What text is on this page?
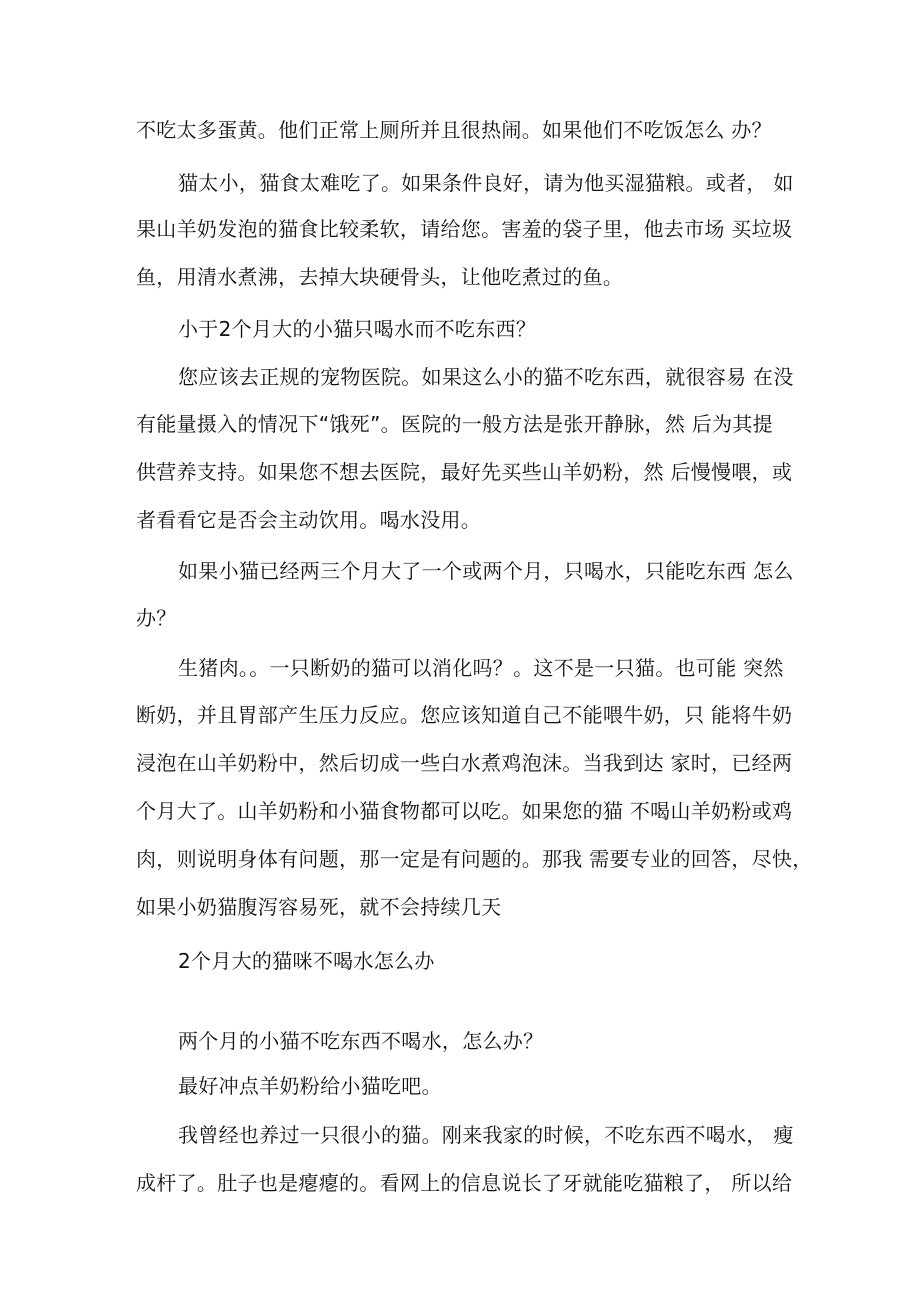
不吃太多蛋黄。他们正常上厕所并且很热闹。如果他们不吃饭怎么 办？
猫太小，猫食太难吃了。如果条件良好，请为他买湿猫粮。或者， 如
果山羊奶发泡的猫食比较柔软，请给您。害羞的袋子里，他去市场 买垃圾
鱼，用清水煮沸，去掉大块硬骨头，让他吃煮过的鱼。
小于2个月大的小猫只喝水而不吃东西？
您应该去正规的宠物医院。如果这么小的猫不吃东西，就很容易 在没
有能量摄入的情况下“饿死”。医院的一般方法是张开静脉，然 后为其提
供营养支持。如果您不想去医院，最好先买些山羊奶粉，然 后慢慢喂，或
者看看它是否会主动饮用。喝水没用。
如果小猫已经两三个月大了一个或两个月，只喝水，只能吃东西 怎么
办？
生猪肉。。一只断奶的猫可以消化吗？。这不是一只猫。也可能 突然
断奶，并且胃部产生压力反应。您应该知道自己不能喂牛奶，只 能将牛奶
浸泡在山羊奶粉中，然后切成一些白水煮鸡泡沫。当我到达 家时，已经两
个月大了。山羊奶粉和小猫食物都可以吃。如果您的猫 不喝山羊奶粉或鸡
肉，则说明身体有问题，那一定是有问题的。那我 需要专业的回答，尽快，
如果小奶猫腹泻容易死，就不会持续几天
2个月大的猫咪不喝水怎么办
两个月的小猫不吃东西不喝水，怎么办？
最好冲点羊奶粉给小猫吃吧。
我曾经也养过一只很小的猫。刚来我家的时候，不吃东西不喝水， 瘦
成杆了。肚子也是瘪瘪的。看网上的信息说长了牙就能吃猫粮了， 所以给
